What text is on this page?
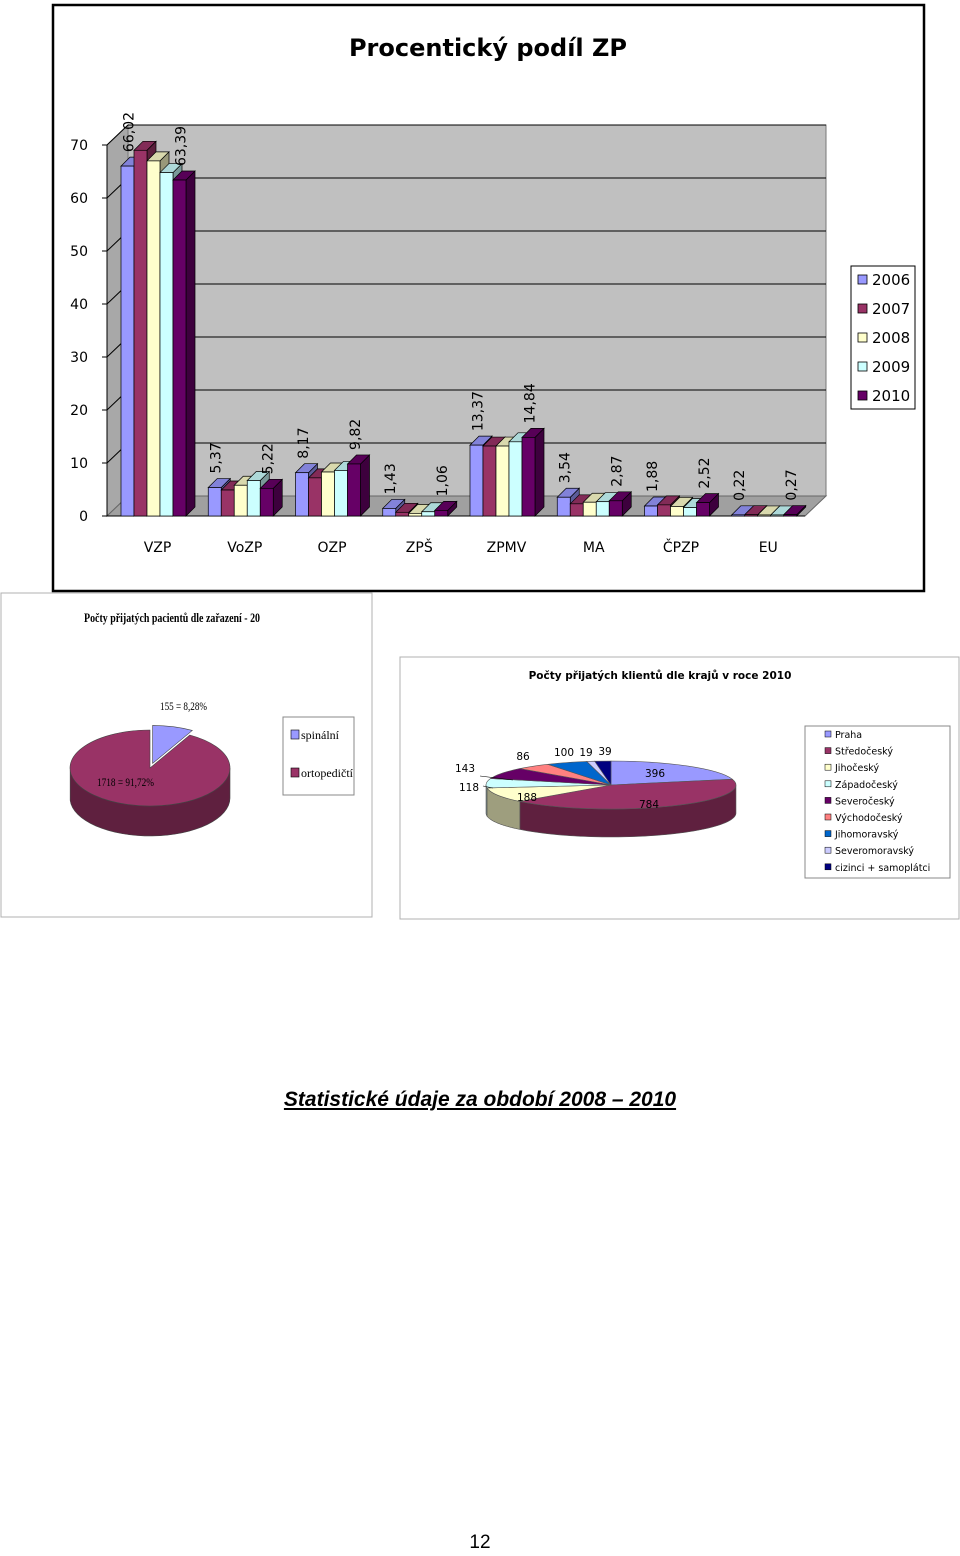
Procentický podíl ZP
0
10
20
30
40
50
60
70
VZP	VoZP	OZP	ZPŠ	ZPMV	MA	ČPZP	EU
66,02	63,39
5,37	5,22
8,17	9,82
1,43	1,06
13,37	14,84
3,54	2,87 1,88	2,52 0,22	0,27
2006
2007
2008
2009
2010
Počty přijatých pacientů dle zařazení - 20
155 = 8,28%
1718 = 91,72%
spinální
ortopedičtí
Počty přijatých klientů dle krajů v roce 2010
396
784
188
118
143
86 100 19 39
Praha
Středočeský
Jihočeský
Západočeský
Severočeský
Východočeský
Jihomoravský
Severomoravský
cizinci + samoplátci
Statistické údaje za období 2008 – 2010
12
